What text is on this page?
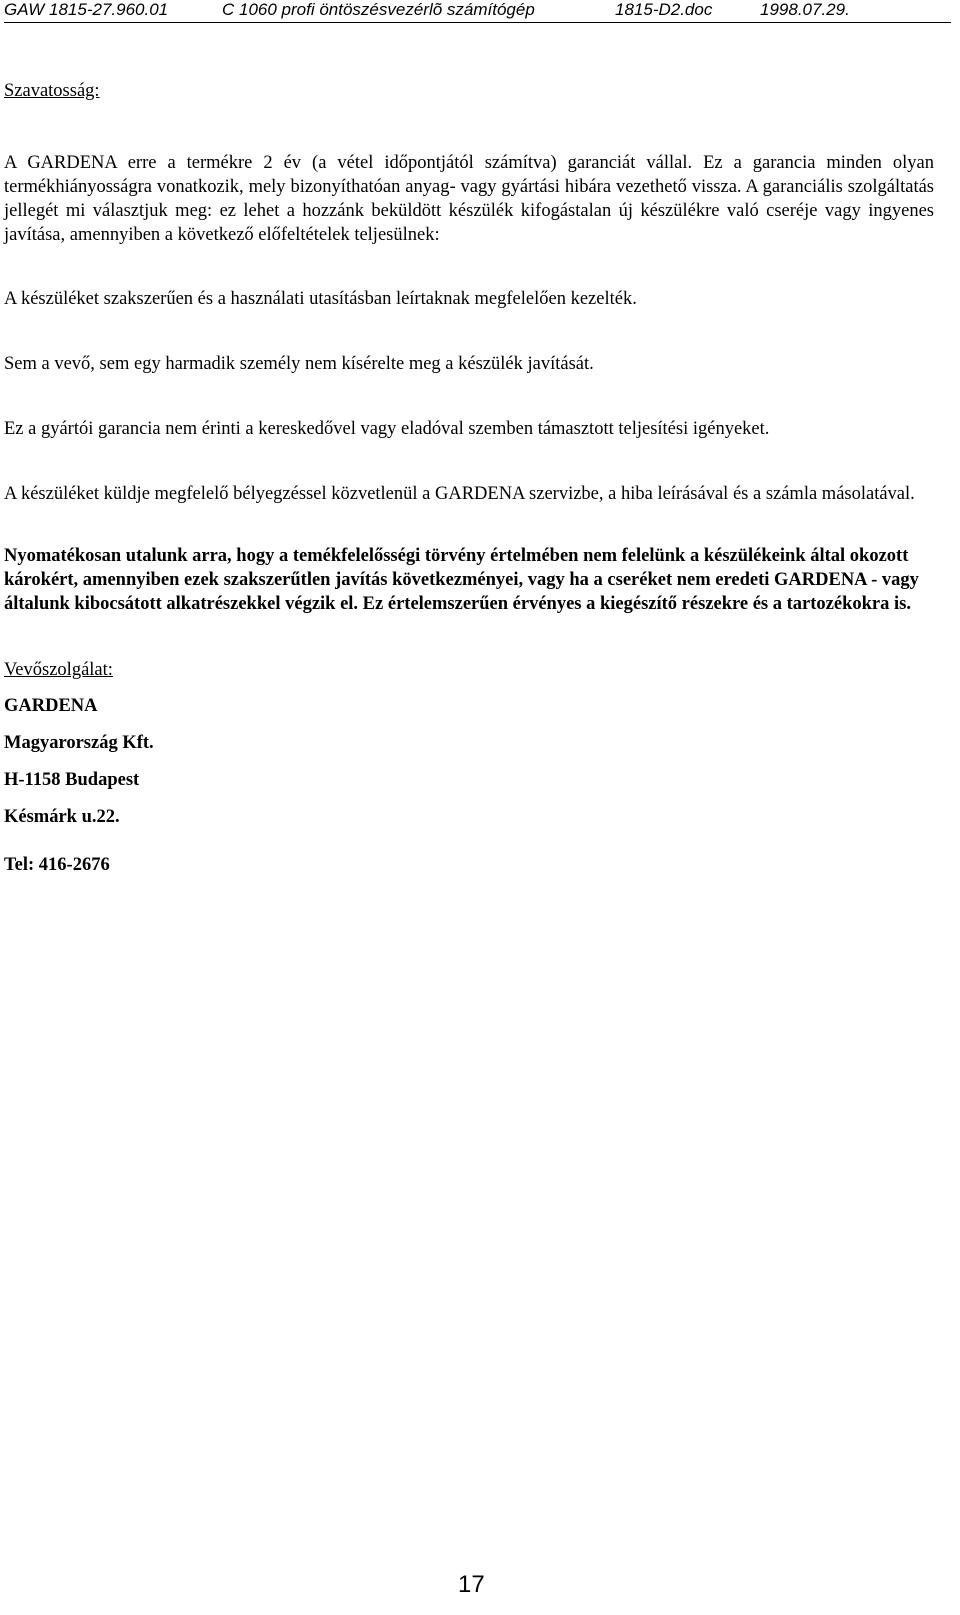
GAW 1815-27.960.01	C 1060 profi öntöszésvezérlõ számítógép	1815-D2.doc	1998.07.29.

Szavatosság:

A GARDENA erre a termékre 2 év (a vétel időpontjától számítva) garanciát vállal. Ez a garancia minden olyan termékhiányosságra vonatkozik, mely bizonyíthatóan anyag- vagy gyártási hibára vezethető vissza. A garanciális szolgáltatás jellegét mi választjuk meg: ez lehet a hozzánk beküldött készülék kifogástalan új készülékre való cseréje vagy ingyenes javítása, amennyiben a következő előfeltételek teljesülnek:

A készüléket szakszerűen és a használati utasításban leírtaknak megfelelően kezelték.

Sem a vevő, sem egy harmadik személy nem kísérelte meg a készülék javítását.

Ez a gyártói garancia nem érinti a kereskedővel vagy eladóval szemben támasztott teljesítési igényeket.

A készüléket küldje megfelelő bélyegzéssel közvetlenül a GARDENA szervizbe, a hiba leírásával és a számla másolatával.

Nyomatékosan utalunk arra, hogy a temékfelelősségi törvény értelmében nem felelünk a készülékeink által okozott károkért, amennyiben ezek szakszerűtlen javítás következményei, vagy ha a cseréket nem eredeti GARDENA - vagy általunk kibocsátott alkatrészekkel végzik el. Ez értelemszerűen érvényes a kiegészítő részekre és a tartozékokra is.

Vevőszolgálat:

GARDENA

Magyarország Kft.

H-1158 Budapest

Késmárk u.22.

Tel: 416-2676

17
